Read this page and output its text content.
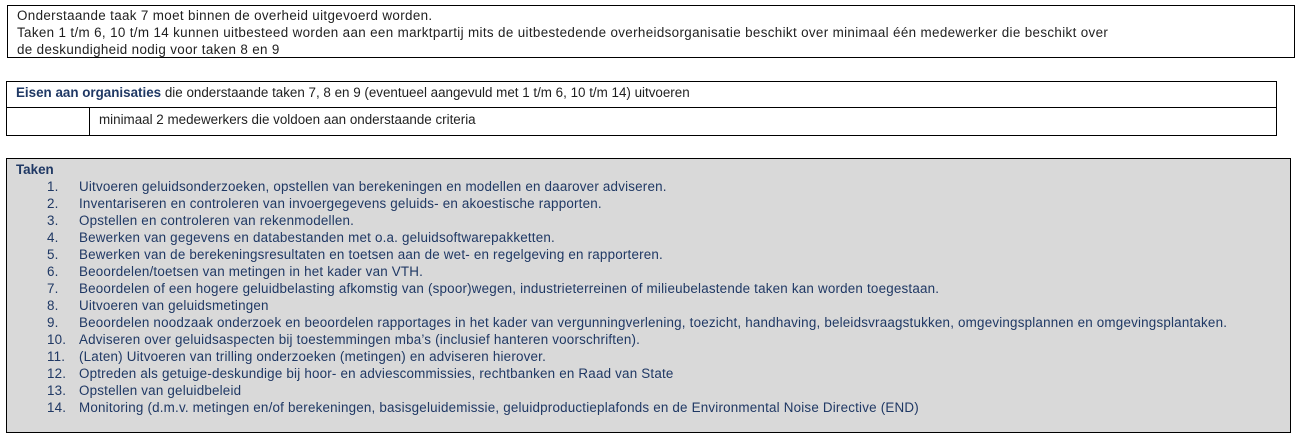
Onderstaande taak 7 moet binnen de overheid uitgevoerd worden.

Taken 1 t/m 6, 10 t/m 14 kunnen uitbesteed worden aan een marktpartij mits de uitbestedende overheidsorganisatie beschikt over minimaal één medewerker die beschikt over

de deskundigheid nodig voor taken 8 en 9

Eisen aan organisaties die onderstaande taken 7, 8 en 9 (eventueel aangevuld met 1 t/m 6, 10 t/m 14) uitvoeren
minimaal 2 medewerkers die voldoen aan onderstaande criteria
Taken
1. Uitvoeren geluidsonderzoeken, opstellen van berekeningen en modellen en daarover adviseren.
2. Inventariseren en controleren van invoergegevens geluids- en akoestische rapporten.
3. Opstellen en controleren van rekenmodellen.
4. Bewerken van gegevens en databestanden met o.a. geluidsoftwarepakketten.
5. Bewerken van de berekeningsresultaten en toetsen aan de wet- en regelgeving en rapporteren.
6. Beoordelen/toetsen van metingen in het kader van VTH.
7. Beoordelen of een hogere geluidbelasting afkomstig van (spoor)wegen, industrieterreinen of milieubelastende taken kan worden toegestaan.
8. Uitvoeren van geluidsmetingen
9. Beoordelen noodzaak onderzoek en beoordelen rapportages in het kader van vergunningverlening, toezicht, handhaving, beleidsvraagstukken, omgevingsplannen en omgevingsplantaken.
10. Adviseren over geluidsaspecten bij toestemmingen mba’s (inclusief hanteren voorschriften).
11. (Laten) Uitvoeren van trilling onderzoeken (metingen) en adviseren hierover.
12. Optreden als getuige-deskundige bij hoor- en adviescommissies, rechtbanken en Raad van State
13. Opstellen van geluidbeleid
14. Monitoring (d.m.v. metingen en/of berekeningen, basisgeluidemissie, geluidproductieplafonds en de Environmental Noise Directive (END)
